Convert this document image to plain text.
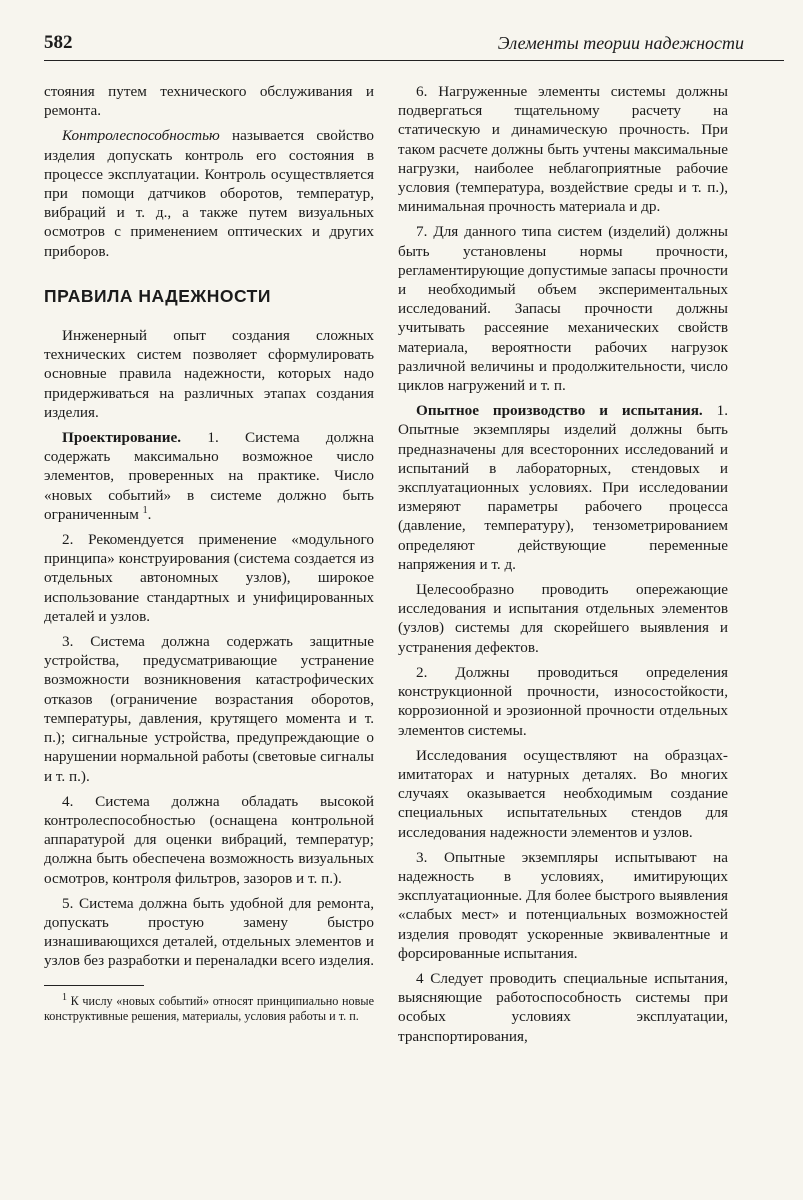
582	Элементы теории надежности

стояния путем технического обслуживания и ремонта.

Контролеспособностью называется свойство изделия допускать контроль его состояния в процессе эксплуатации. Контроль осуществляется при помощи датчиков оборотов, температур, вибраций и т. д., а также путем визуальных осмотров с применением оптических и других приборов.

ПРАВИЛА НАДЕЖНОСТИ

Инженерный опыт создания сложных технических систем позволяет сформулировать основные правила надежности, которых надо придерживаться на различных этапах создания изделия.

Проектирование. 1. Система должна содержать максимально возможное число элементов, проверенных на практике. Число «новых событий» в системе должно быть ограниченным $^1$.

2. Рекомендуется применение «модульного принципа» конструирования (система создается из отдельных автономных узлов), широкое использование стандартных и унифицированных деталей и узлов.

3. Система должна содержать защитные устройства, предусматривающие устранение возможности возникновения катастрофических отказов (ограничение возрастания оборотов, температуры, давления, крутящего момента и т. п.); сигнальные устройства, предупреждающие о нарушении нормальной работы (световые сигналы и т. п.).

4. Система должна обладать высокой контролеспособностью (оснащена контрольной аппаратурой для оценки вибраций, температур; должна быть обеспечена возможность визуальных осмотров, контроля фильтров, зазоров и т. п.).

5. Система должна быть удобной для ремонта, допускать простую замену быстро изнашивающихся деталей, отдельных элементов и узлов без разработки и переналадки всего изделия.

$^1$ К числу «новых событий» относят принципиально новые конструктивные решения, материалы, условия работы и т. п.

6. Нагруженные элементы системы должны подвергаться тщательному расчету на статическую и динамическую прочность. При таком расчете должны быть учтены максимальные нагрузки, наиболее неблагоприятные рабочие условия (температура, воздействие среды и т. п.), минимальная прочность материала и др.

7. Для данного типа систем (изделий) должны быть установлены нормы прочности, регламентирующие допустимые запасы прочности и необходимый объем экспериментальных исследований. Запасы прочности должны учитывать рассеяние механических свойств материала, вероятности рабочих нагрузок различной величины и продолжительности, число циклов нагружений и т. п.

Опытное производство и испытания. 1. Опытные экземпляры изделий должны быть предназначены для всесторонних исследований и испытаний в лабораторных, стендовых и эксплуатационных условиях. При исследовании измеряют параметры рабочего процесса (давление, температуру), тензометрированием определяют действующие переменные напряжения и т. д.

Целесообразно проводить опережающие исследования и испытания отдельных элементов (узлов) системы для скорейшего выявления и устранения дефектов.

2. Должны проводиться определения конструкционной прочности, износостойкости, коррозионной и эрозионной прочности отдельных элементов системы.

Исследования осуществляют на образцах-имитаторах и натурных деталях. Во многих случаях оказывается необходимым создание специальных испытательных стендов для исследования надежности элементов и узлов.

3. Опытные экземпляры испытывают на надежность в условиях, имитирующих эксплуатационные. Для более быстрого выявления «слабых мест» и потенциальных возможностей изделия проводят ускоренные эквивалентные и форсированные испытания.

4 Следует проводить специальные испытания, выясняющие работоспособность системы при особых условиях эксплуатации, транспортирования,
